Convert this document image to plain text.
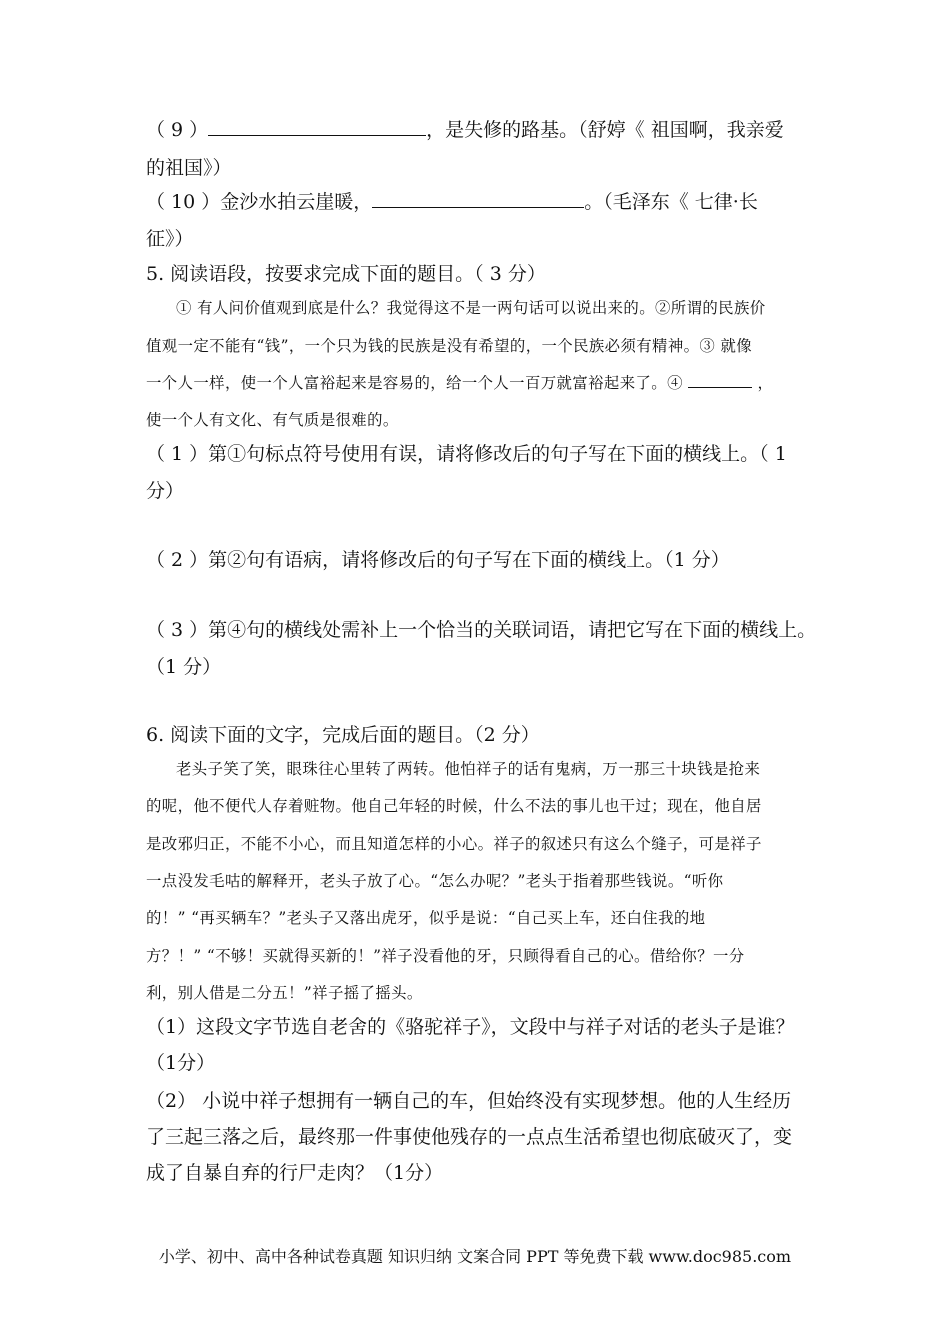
（ 9 ）	，是失修的路基。（舒婷《 祖国啊，我亲爱
的祖国》）
（ 10 ）金沙水拍云崖暖，	。（毛泽东《 七律·长
征》）
5. 阅读语段，按要求完成下面的题目。（ 3 分）
① 有人问价值观到底是什么？我觉得这不是一两句话可以说出来的。②所谓的民族价
值观一定不能有“钱”，一个只为钱的民族是没有希望的，一个民族必须有精神。③ 就像
一个人一样，使一个人富裕起来是容易的，给一个人一百万就富裕起来了。④	，
使一个人有文化、有气质是很难的。
（ 1 ）第①句标点符号使用有误，请将修改后的句子写在下面的横线上。（ 1
分）
（ 2 ）第②句有语病，请将修改后的句子写在下面的横线上。（1 分）
（ 3 ）第④句的横线处需补上一个恰当的关联词语，请把它写在下面的横线上。
（1 分）
6. 阅读下面的文字，完成后面的题目。（2 分）
老头子笑了笑，眼珠往心里转了两转。他怕祥子的话有鬼病，万一那三十块钱是抢来
的呢，他不便代人存着赃物。他自己年轻的时候，什么不法的事儿也干过；现在，他自居
是改邪归正，不能不小心，而且知道怎样的小心。祥子的叙述只有这么个缝子，可是祥子
一点没发毛咕的解释开，老头子放了心。“怎么办呢？”老头于指着那些钱说。“听你
的！” “再买辆车？”老头子又落出虎牙，似乎是说：“自己买上车，还白住我的地
方？！” “不够！买就得买新的！”祥子没看他的牙，只顾得看自己的心。借给你？一分
利，别人借是二分五！”祥子摇了摇头。
（1）这段文字节选自老舍的《骆驼祥子》，文段中与祥子对话的老头子是谁？
（1分）
（2） 小说中祥子想拥有一辆自己的车，但始终没有实现梦想。他的人生经历
了三起三落之后，最终那一件事使他残存的一点点生活希望也彻底破灭了，变
成了自暴自弃的行尸走肉？（1分）
小学、初中、高中各种试卷真题 知识归纳 文案合同 PPT 等免费下载 www.doc985.com
